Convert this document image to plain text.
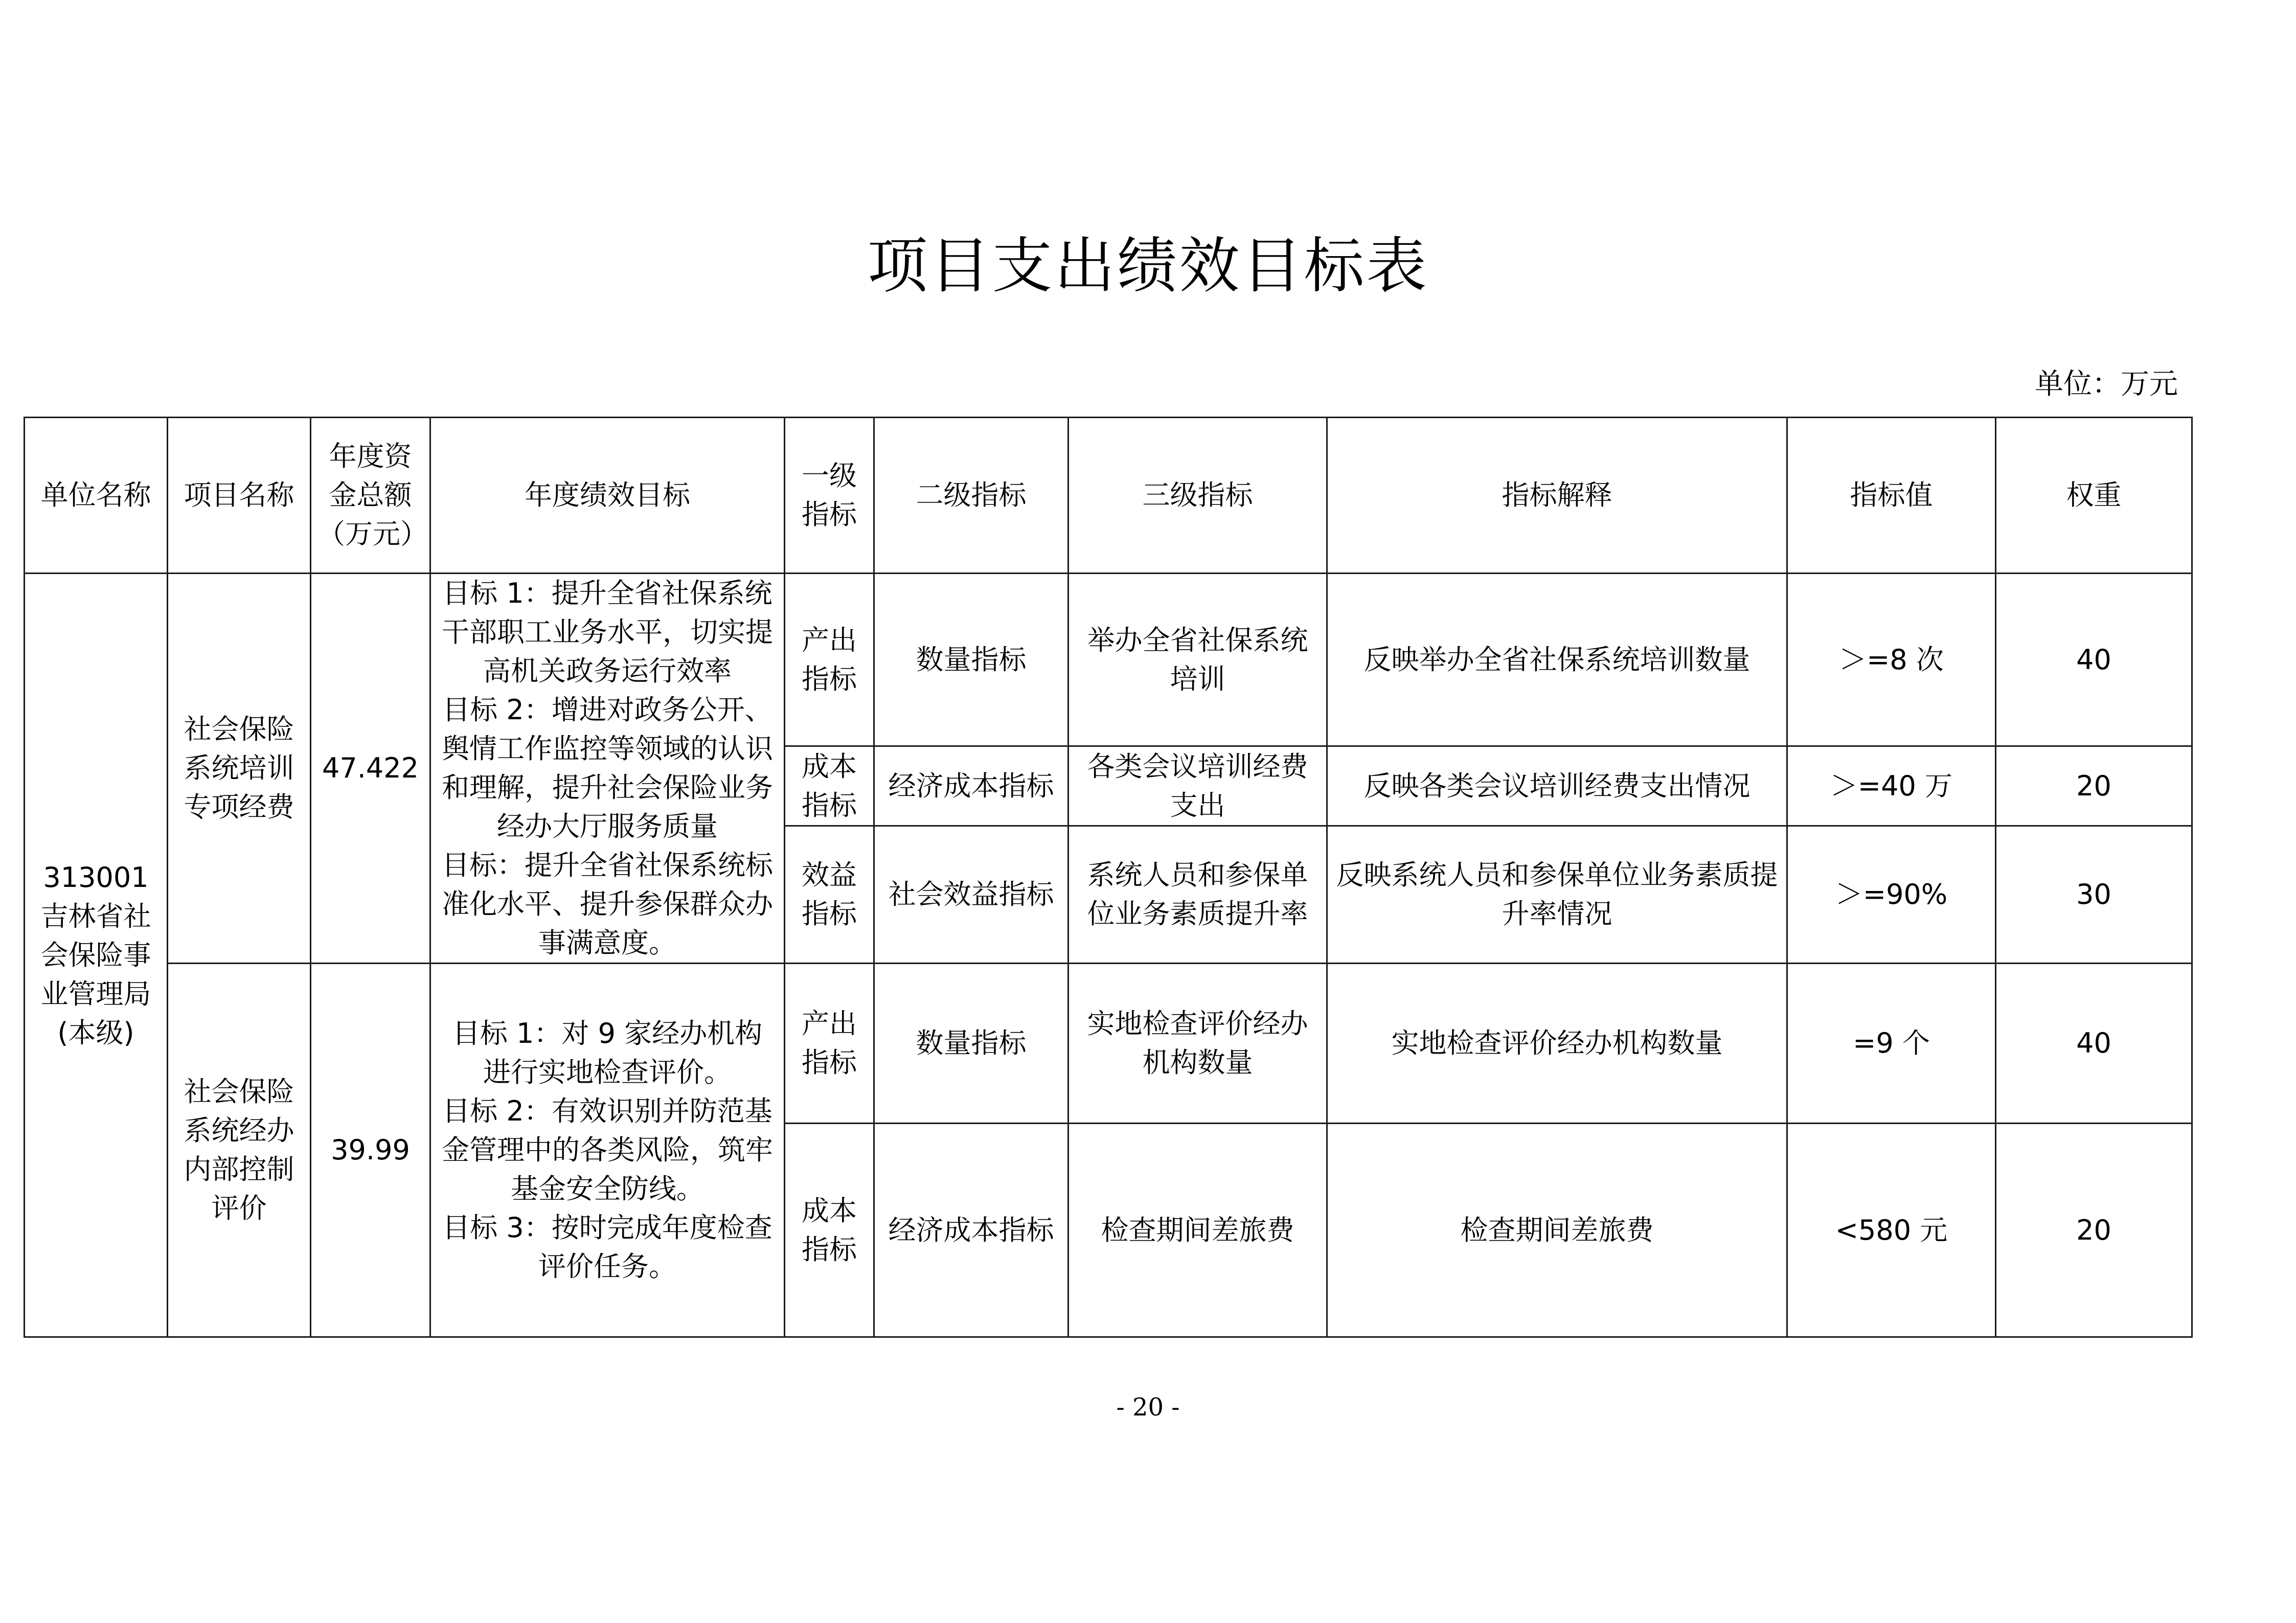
项目支出绩效目标表
单位：万元
单位名称	项目名称	年度资金总额（万元）	年度绩效目标	一级指标	二级指标	三级指标	指标解释	指标值	权重
313001 吉林省社会保险事业管理局(本级)	社会保险系统培训专项经费	47.422	目标 1：提升全省社保系统干部职工业务水平，切实提高机关政务运行效率
目标 2：增进对政务公开、舆情工作监控等领域的认识和理解，提升社会保险业务经办大厅服务质量
目标：提升全省社保系统标准化水平、提升参保群众办事满意度。	产出指标	数量指标	举办全省社保系统培训	反映举办全省社保系统培训数量	＞=8 次	40
				成本指标	经济成本指标	各类会议培训经费支出	反映各类会议培训经费支出情况	＞=40 万	20
				效益指标	社会效益指标	系统人员和参保单位业务素质提升率	反映系统人员和参保单位业务素质提升率情况	＞=90%	30
	社会保险系统经办内部控制评价	39.99	目标 1：对 9 家经办机构进行实地检查评价。
目标 2：有效识别并防范基金管理中的各类风险，筑牢基金安全防线。
目标 3：按时完成年度检查评价任务。	产出指标	数量指标	实地检查评价经办机构数量	实地检查评价经办机构数量	=9 个	40
				成本指标	经济成本指标	检查期间差旅费	检查期间差旅费	<580 元	20
- 20 -
